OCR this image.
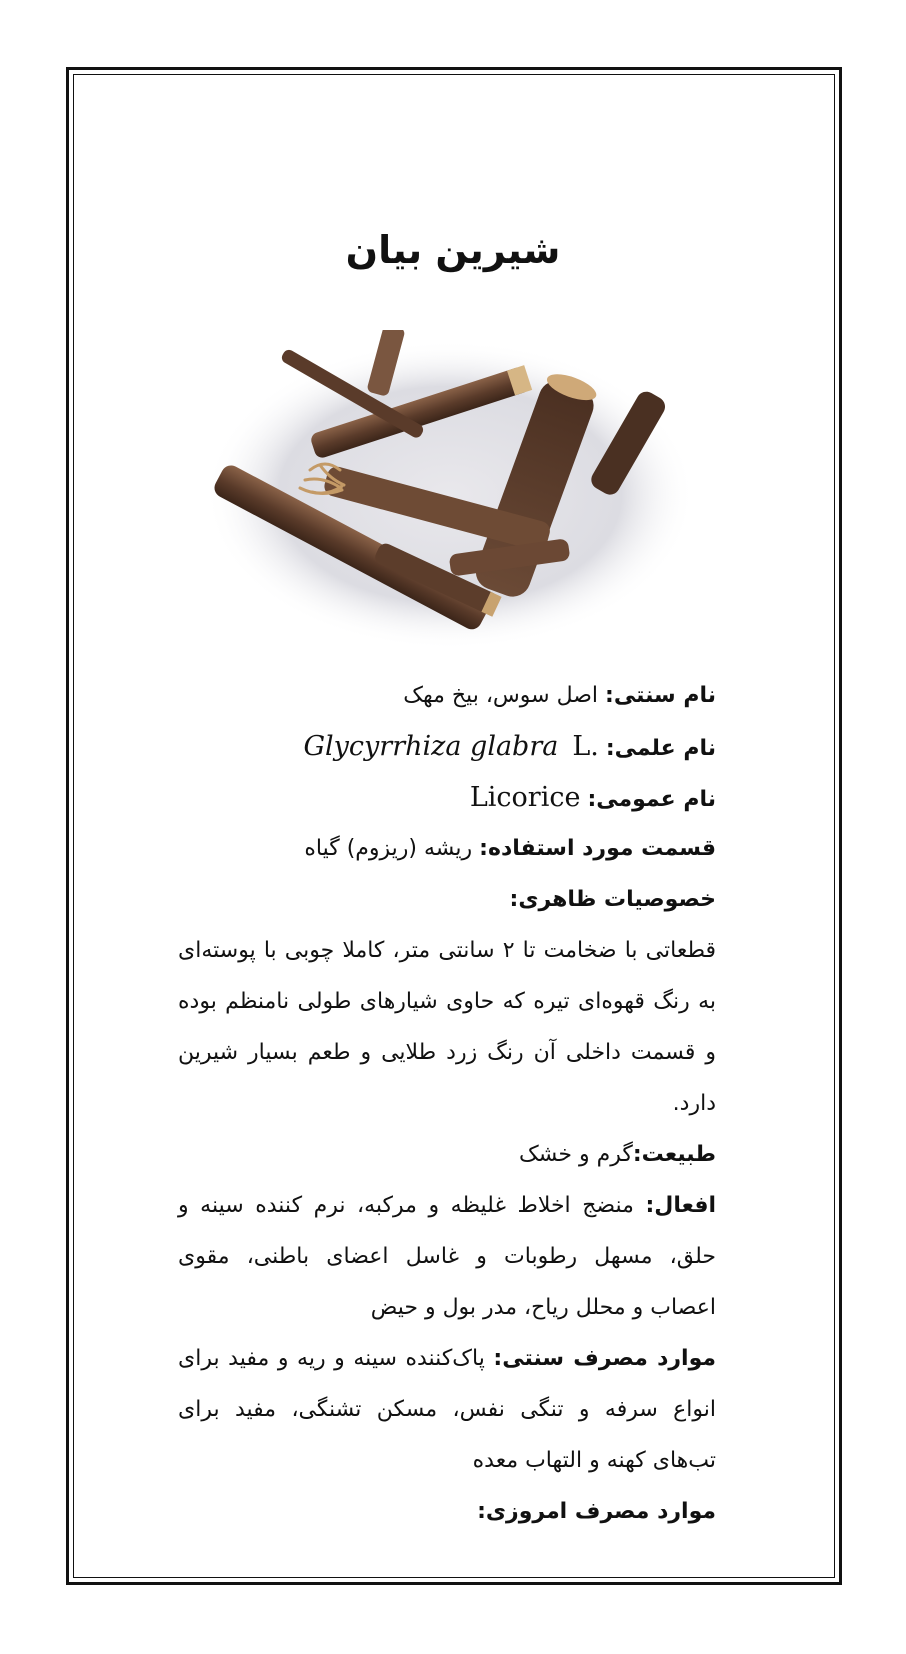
شیرین بیان
نام سنتی: اصل سوس، بیخ مهک
نام علمی: Glycyrrhiza glabra L.
نام عمومی: Licorice
قسمت مورد استفاده: ریشه (ریزوم) گیاه
خصوصیات ظاهری:
قطعاتی با ضخامت تا ۲ سانتی متر، کاملا چوبی با پوسته‌ای به رنگ قهوه‌ای تیره که حاوی شیارهای طولی نامنظم بوده و قسمت داخلی آن رنگ زرد طلایی و طعم بسیار شیرین دارد.
طبیعت:گرم و خشک
افعال: منضج اخلاط غلیظه و مرکبه، نرم کننده سینه و حلق، مسهل رطوبات و غاسل اعضای باطنی، مقوی اعصاب و محلل ریاح، مدر بول و حیض
موارد مصرف سنتی: پاک‌کننده سینه و ریه و مفید برای انواع سرفه و تنگی نفس، مسکن تشنگی، مفید برای تب‌های کهنه و التهاب معده
موارد مصرف امروزی:
